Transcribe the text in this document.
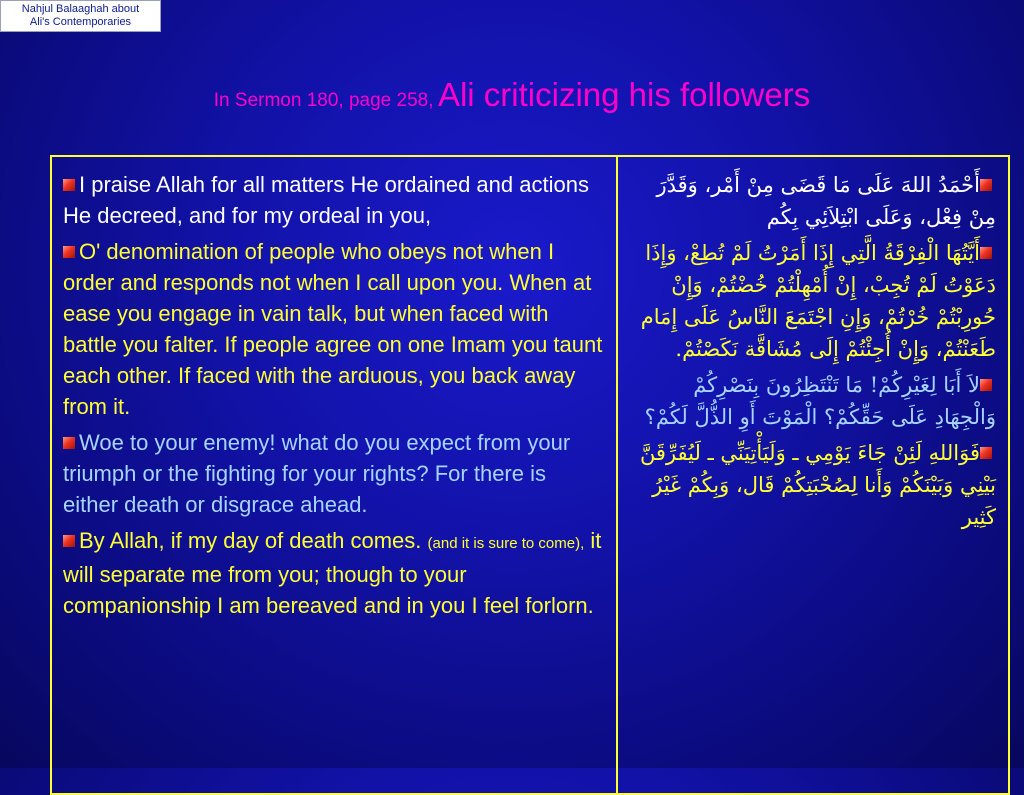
Nahjul Balaaghah about
Ali's Contemporaries
In Sermon 180, page 258, Ali criticizing his followers

I praise Allah for all matters He ordained and actions He decreed, and for my ordeal in you,

O' denomination of people who obeys not when I order and responds not when I call upon you. When at ease you engage in vain talk, but when faced with battle you falter. If people agree on one Imam you taunt each other. If faced with the arduous, you back away from it.

Woe to your enemy! what do you expect from your triumph or the fighting for your rights? For there is either death or disgrace ahead.

By Allah, if my day of death comes. (and it is sure to come), it will separate me from you; though to your companionship I am bereaved and in you I feel forlorn.

أَحْمَدُ اللهَ عَلَى مَا قَضَى مِنْ أَمْر، وَقَدَّرَ مِنْ فِعْل، وَعَلَى ابْتِلاَئِي بِكُم

أَيَّتُهَا الْفِرْقَةُ الَّتِي إِذَا أَمَرْتُ لَمْ تُطِعْ، وَإِذَا دَعَوْتُ لَمْ تُجِبْ، إِنْ أُمْهِلْتُمْ خُضْتُمْ، وَإِنْ حُورِبْتُمْ خُرْتُمْ، وَإِنِ اجْتَمَعَ النَّاسُ عَلَى إِمَام طَعَنْتُمْ، وَإِنْ أُجِئْتُمْ إِلَى مُشَاقَّة نَكَصْتُمْ.

لاَ أَبَا لِغَيْرِكُمْ! مَا تَنْتَظِرُونَ بِنَصْرِكُمْ وَالْجِهَادِ عَلَى حَقِّكُمْ؟ الْمَوْتَ أَوِ الذُّلَّ لَكُمْ؟

فَوَاللهِ لَئِنْ جَاءَ يَوْمِي ـ وَلَيَأْتِيَنِّي ـ لَيُفَرِّقَنَّ بَيْنِي وَبَيْنَكُمْ وَأَنا لِصُحْبَتِكُمْ قَال، وَبِكُمْ غَيْرُ كَثِير
